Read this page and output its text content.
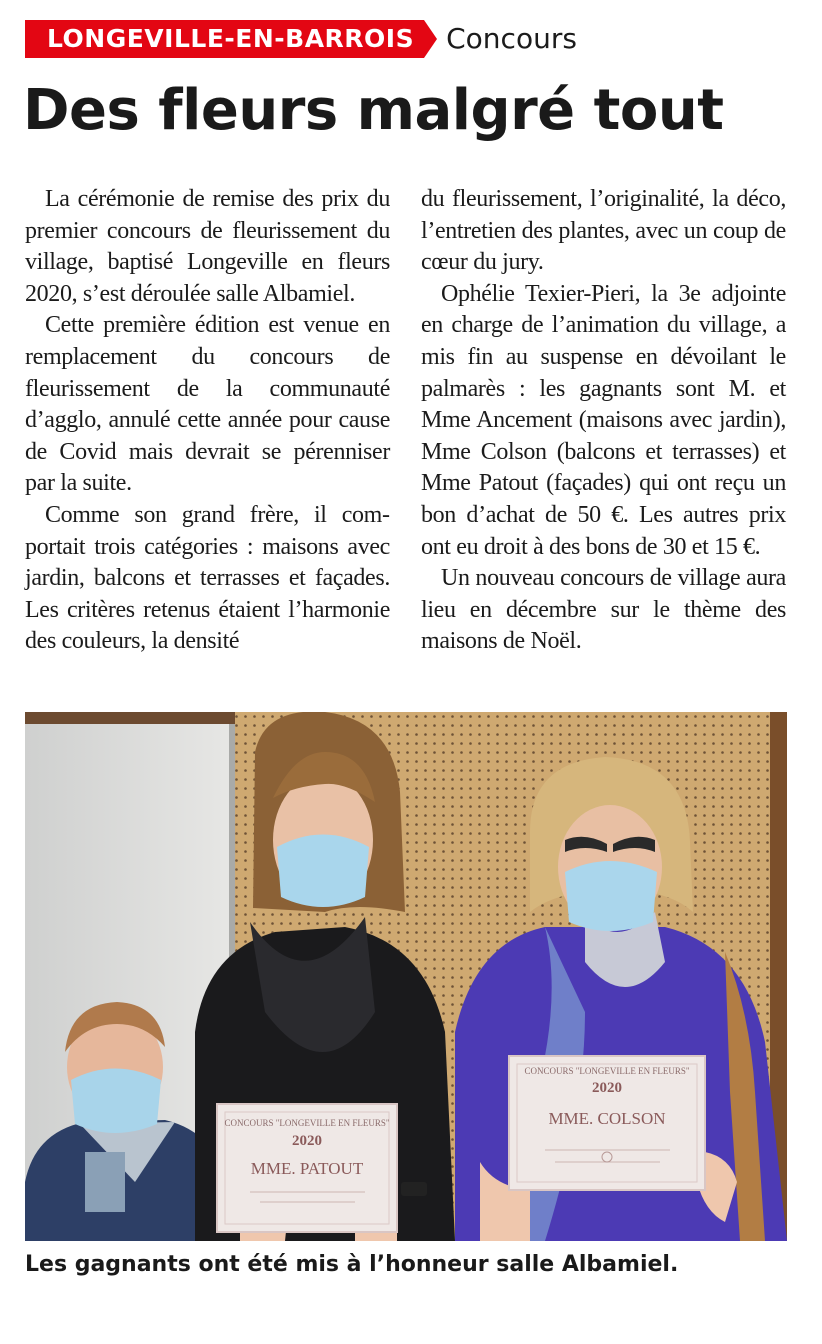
LONGEVILLE-EN-BARROIS	Concours
Des fleurs malgré tout

La cérémonie de remise des prix du premier concours de fleurissement du village, baptisé Longeville en fleurs 2020, s’est déroulée salle Albamiel.

Cette première édition est venue en remplacement du concours de fleurissement de la communauté d’agglo, annulé cette année pour cause de Covid mais devrait se pérenniser par la suite.

Comme son grand frère, il comportait trois catégories : maisons avec jardin, balcons et terrasses et façades. Les critères retenus étaient l’harmonie des couleurs, la densité

du fleurissement, l’originalité, la déco, l’entretien des plantes, avec un coup de cœur du jury.

Ophélie Texier-Pieri, la 3e adjointe en charge de l’animation du village, a mis fin au suspense en dévoilant le palmarès : les gagnants sont M. et Mme Ancement (maisons avec jardin), Mme Colson (balcons et terrasses) et Mme Patout (façades) qui ont reçu un bon d’achat de 50 €. Les autres prix ont eu droit à des bons de 30 et 15 €.

Un nouveau concours de village aura lieu en décembre sur le thème des maisons de Noël.

CONCOURS "LONGEVILLE EN FLEURS"
2020
MME. PATOUT
CONCOURS "LONGEVILLE EN FLEURS"
2020
MME. COLSON

Les gagnants ont été mis à l’honneur salle Albamiel.
